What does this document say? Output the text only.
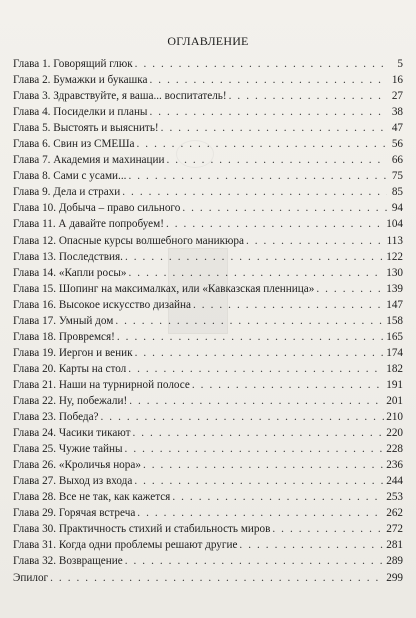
ОГЛАВЛЕНИЕ
Глава 1. Говорящий глюк . . .	5
Глава 2. Бумажки и букашка . . .	16
Глава 3. Здравствуйте, я ваша... воспитатель! . . .	27
Глава 4. Посиделки и планы . . .	38
Глава 5. Выстоять и выяснить! . . .	47
Глава 6. Свин из СМЕШа . . .	56
Глава 7. Академия и махинации . . .	66
Глава 8. Сами с усами... . . .	75
Глава 9. Дела и страхи . . .	85
Глава 10. Добыча – право сильного . . .	94
Глава 11. А давайте попробуем! . . .	104
Глава 12. Опасные курсы волшебного маникюра . . .	113
Глава 13. Последствия. . . .	122
Глава 14. «Капли росы» . . .	130
Глава 15. Шопинг на максималках, или «Кавказская пленница» . . .	139
Глава 16. Высокое искусство дизайна . . .	147
Глава 17. Умный дом . . .	158
Глава 18. Провремся! . . .	165
Глава 19. Иергон и веник . . .	174
Глава 20. Карты на стол . . .	182
Глава 21. Наши на турнирной полосе . . .	191
Глава 22. Ну, побежали! . . .	201
Глава 23. Победа? . . .	210
Глава 24. Часики тикают . . .	220
Глава 25. Чужие тайны . . .	228
Глава 26. «Кроличья нора» . . .	236
Глава 27. Выход из входа . . .	244
Глава 28. Все не так, как кажется . . .	253
Глава 29. Горячая встреча . . .	262
Глава 30. Практичность стихий и стабильность миров . . .	272
Глава 31. Когда одни проблемы решают другие . . .	281
Глава 32. Возвращение . . .	289
Эпилог . . .	299
